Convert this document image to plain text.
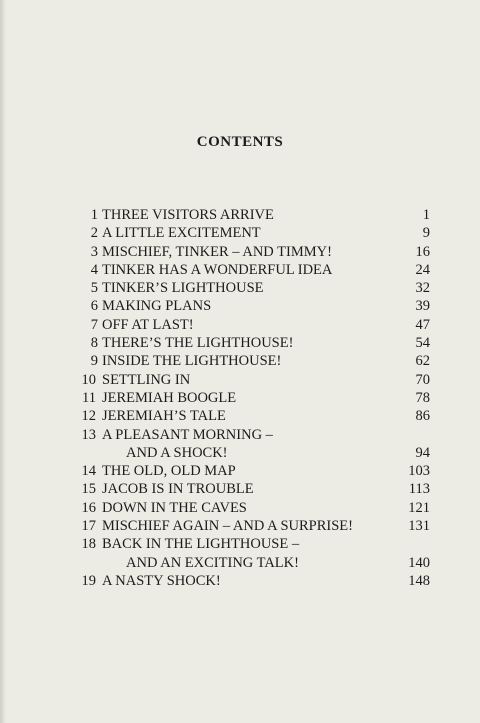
CONTENTS
1 THREE VISITORS ARRIVE	1
2 A LITTLE EXCITEMENT	9
3 MISCHIEF, TINKER – AND TIMMY!	16
4 TINKER HAS A WONDERFUL IDEA	24
5 TINKER’S LIGHTHOUSE	32
6 MAKING PLANS	39
7 OFF AT LAST!	47
8 THERE’S THE LIGHTHOUSE!	54
9 INSIDE THE LIGHTHOUSE!	62
10 SETTLING IN	70
11 JEREMIAH BOOGLE	78
12 JEREMIAH’S TALE	86
13 A PLEASANT MORNING –
AND A SHOCK!	94
14 THE OLD, OLD MAP	103
15 JACOB IS IN TROUBLE	113
16 DOWN IN THE CAVES	121
17 MISCHIEF AGAIN – AND A SURPRISE!	131
18 BACK IN THE LIGHTHOUSE –
AND AN EXCITING TALK!	140
19 A NASTY SHOCK!	148
